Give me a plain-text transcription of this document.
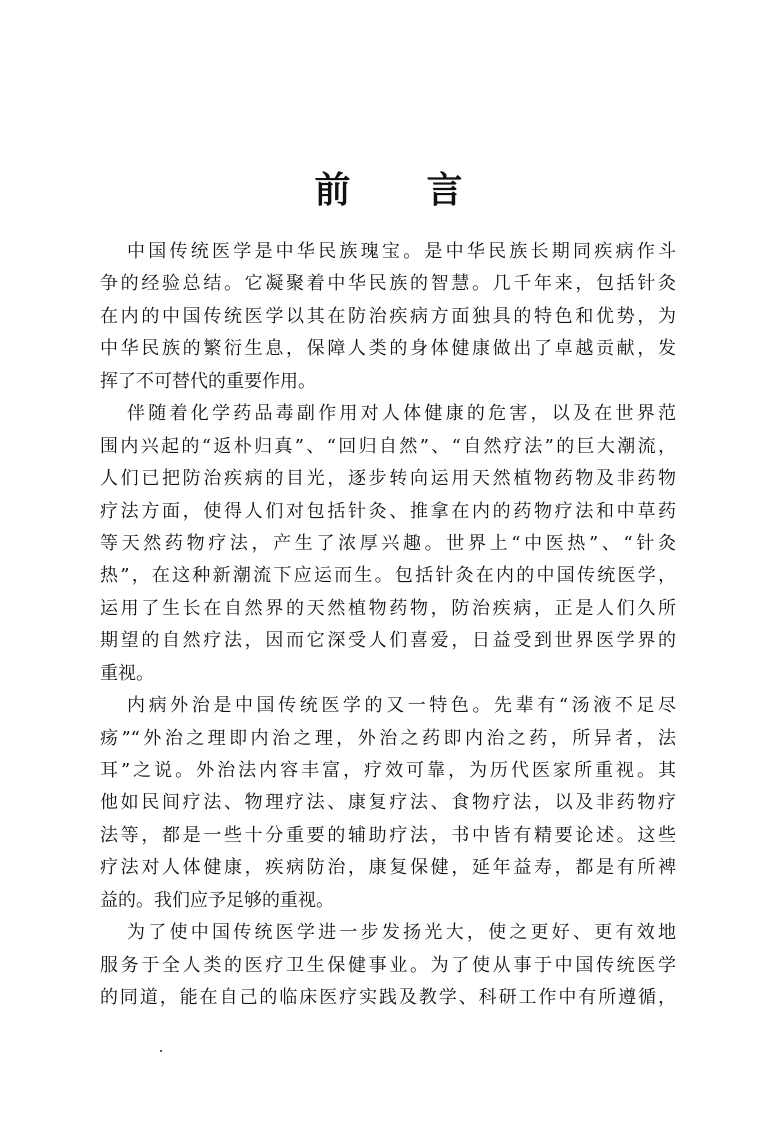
前 言
中国传统医学是中华民族瑰宝。是中华民族长期同疾病作斗
争的经验总结。它凝聚着中华民族的智慧。几千年来，包括针灸
在内的中国传统医学以其在防治疾病方面独具的特色和优势，为
中华民族的繁衍生息，保障人类的身体健康做出了卓越贡献，发
挥了不可替代的重要作用。
伴随着化学药品毒副作用对人体健康的危害，以及在世界范
围内兴起的“返朴归真”、“回归自然”、“自然疗法”的巨大潮流，
人们已把防治疾病的目光，逐步转向运用天然植物药物及非药物
疗法方面，使得人们对包括针灸、推拿在内的药物疗法和中草药
等天然药物疗法，产生了浓厚兴趣。世界上“中医热”、“针灸
热”，在这种新潮流下应运而生。包括针灸在内的中国传统医学，
运用了生长在自然界的天然植物药物，防治疾病，正是人们久所
期望的自然疗法，因而它深受人们喜爱，日益受到世界医学界的
重视。
内病外治是中国传统医学的又一特色。先辈有“汤液不足尽
疡”“外治之理即内治之理，外治之药即内治之药，所异者，法
耳”之说。外治法内容丰富，疗效可靠，为历代医家所重视。其
他如民间疗法、物理疗法、康复疗法、食物疗法，以及非药物疗
法等，都是一些十分重要的辅助疗法，书中皆有精要论述。这些
疗法对人体健康，疾病防治，康复保健，延年益寿，都是有所裨
益的。我们应予足够的重视。
为了使中国传统医学进一步发扬光大，使之更好、更有效地
服务于全人类的医疗卫生保健事业。为了使从事于中国传统医学
的同道，能在自己的临床医疗实践及教学、科研工作中有所遵循，
